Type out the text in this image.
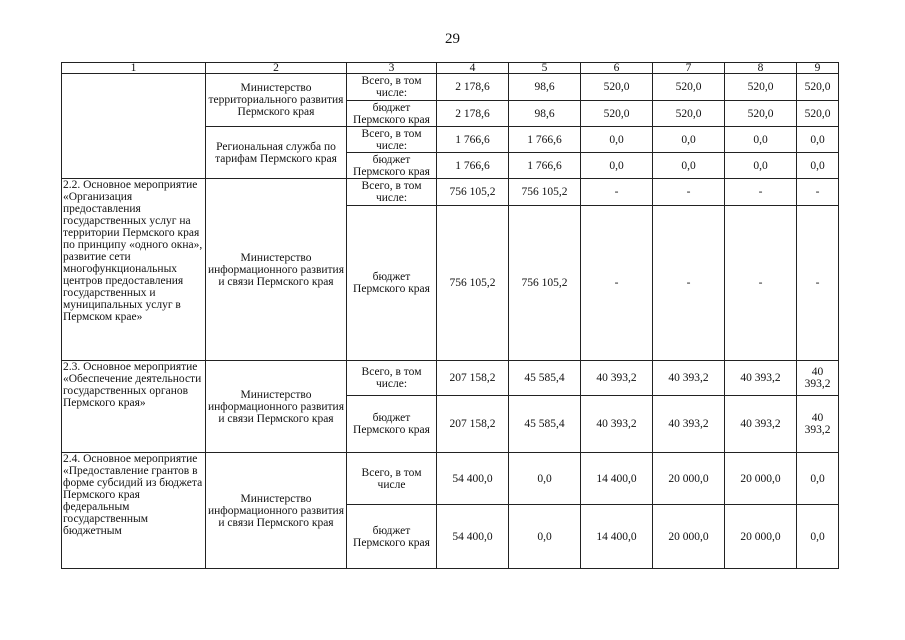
29
1	2	3	4	5	6	7	8	9
	Министерство территориального развития Пермского края	Всего, в том числе:	2 178,6	98,6	520,0	520,0	520,0	520,0
		бюджет Пермского края	2 178,6	98,6	520,0	520,0	520,0	520,0
	Региональная служба по тарифам Пермского края	Всего, в том числе:	1 766,6	1 766,6	0,0	0,0	0,0	0,0
		бюджет Пермского края	1 766,6	1 766,6	0,0	0,0	0,0	0,0
2.2. Основное мероприятие «Организация предоставления государственных услуг на территории Пермского края по принципу «одного окна», развитие сети многофункциональных центров предоставления государственных и муниципальных услуг в Пермском крае»	Министерство информационного развития и связи Пермского края	Всего, в том числе:	756 105,2	756 105,2	-	-	-	-
		бюджет Пермского края	756 105,2	756 105,2	-	-	-	-
2.3. Основное мероприятие «Обеспечение деятельности государственных органов Пермского края»	Министерство информационного развития и связи Пермского края	Всего, в том числе:	207 158,2	45 585,4	40 393,2	40 393,2	40 393,2	40 393,2
		бюджет Пермского края	207 158,2	45 585,4	40 393,2	40 393,2	40 393,2	40 393,2
2.4. Основное мероприятие «Предоставление грантов в форме субсидий из бюджета Пермского края федеральным государственным бюджетным	Министерство информационного развития и связи Пермского края	Всего, в том числе	54 400,0	0,0	14 400,0	20 000,0	20 000,0	0,0
		бюджет Пермского края	54 400,0	0,0	14 400,0	20 000,0	20 000,0	0,0
